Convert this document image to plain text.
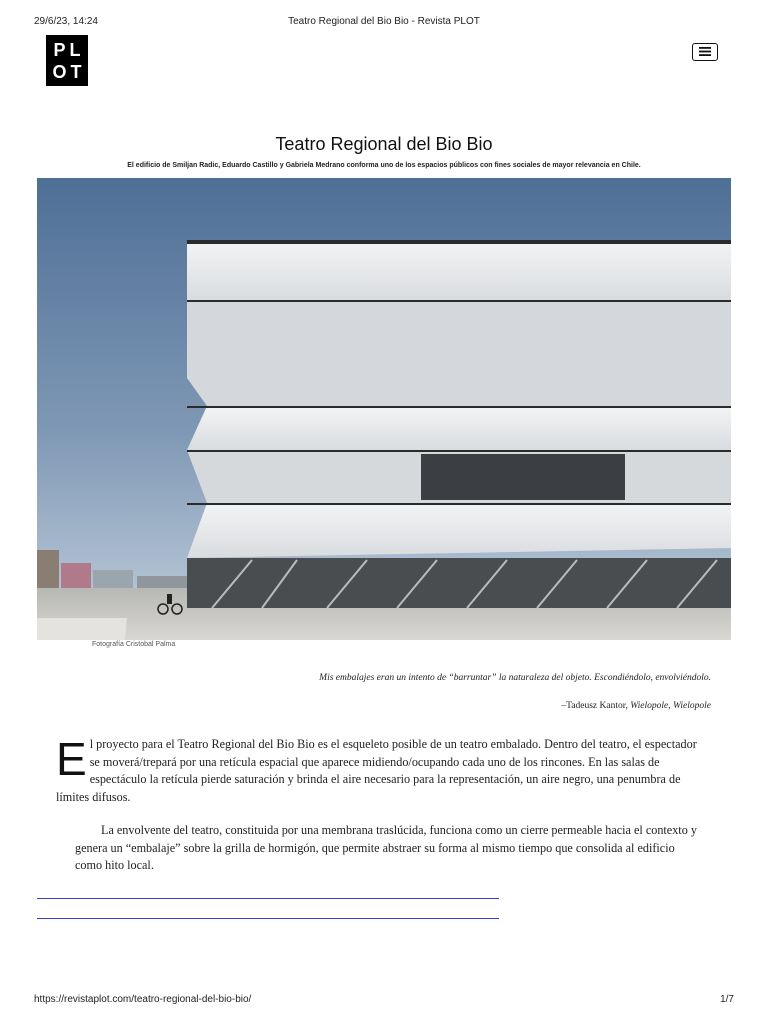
29/6/23, 14:24	Teatro Regional del Bio Bio - Revista PLOT
PL
OT
Teatro Regional del Bio Bio
El edificio de Smiljan Radic, Eduardo Castillo y Gabriela Medrano conforma uno de los espacios públicos con fines sociales de mayor relevancia en Chile.
Fotografía Cristobal Palma
Mis embalajes eran un intento de “barruntar” la naturaleza del objeto. Escondiéndolo, envolviéndolo.
–Tadeusz Kantor, Wielopole, Wielopole

El proyecto para el Teatro Regional del Bio Bio es el esqueleto posible de un teatro embalado. Dentro del teatro, el espectador se moverá/trepará por una retícula espacial que aparece midiendo/ocupando cada uno de los rincones. En las salas de espectáculo la retícula pierde saturación y brinda el aire necesario para la representación, un aire negro, una penumbra de límites difusos.

La envolvente del teatro, constituida por una membrana traslúcida, funciona como un cierre permeable hacia el contexto y genera un “embalaje” sobre la grilla de hormigón, que permite abstraer su forma al mismo tiempo que consolida al edificio como hito local.

https://revistaplot.com/teatro-regional-del-bio-bio/	1/7
